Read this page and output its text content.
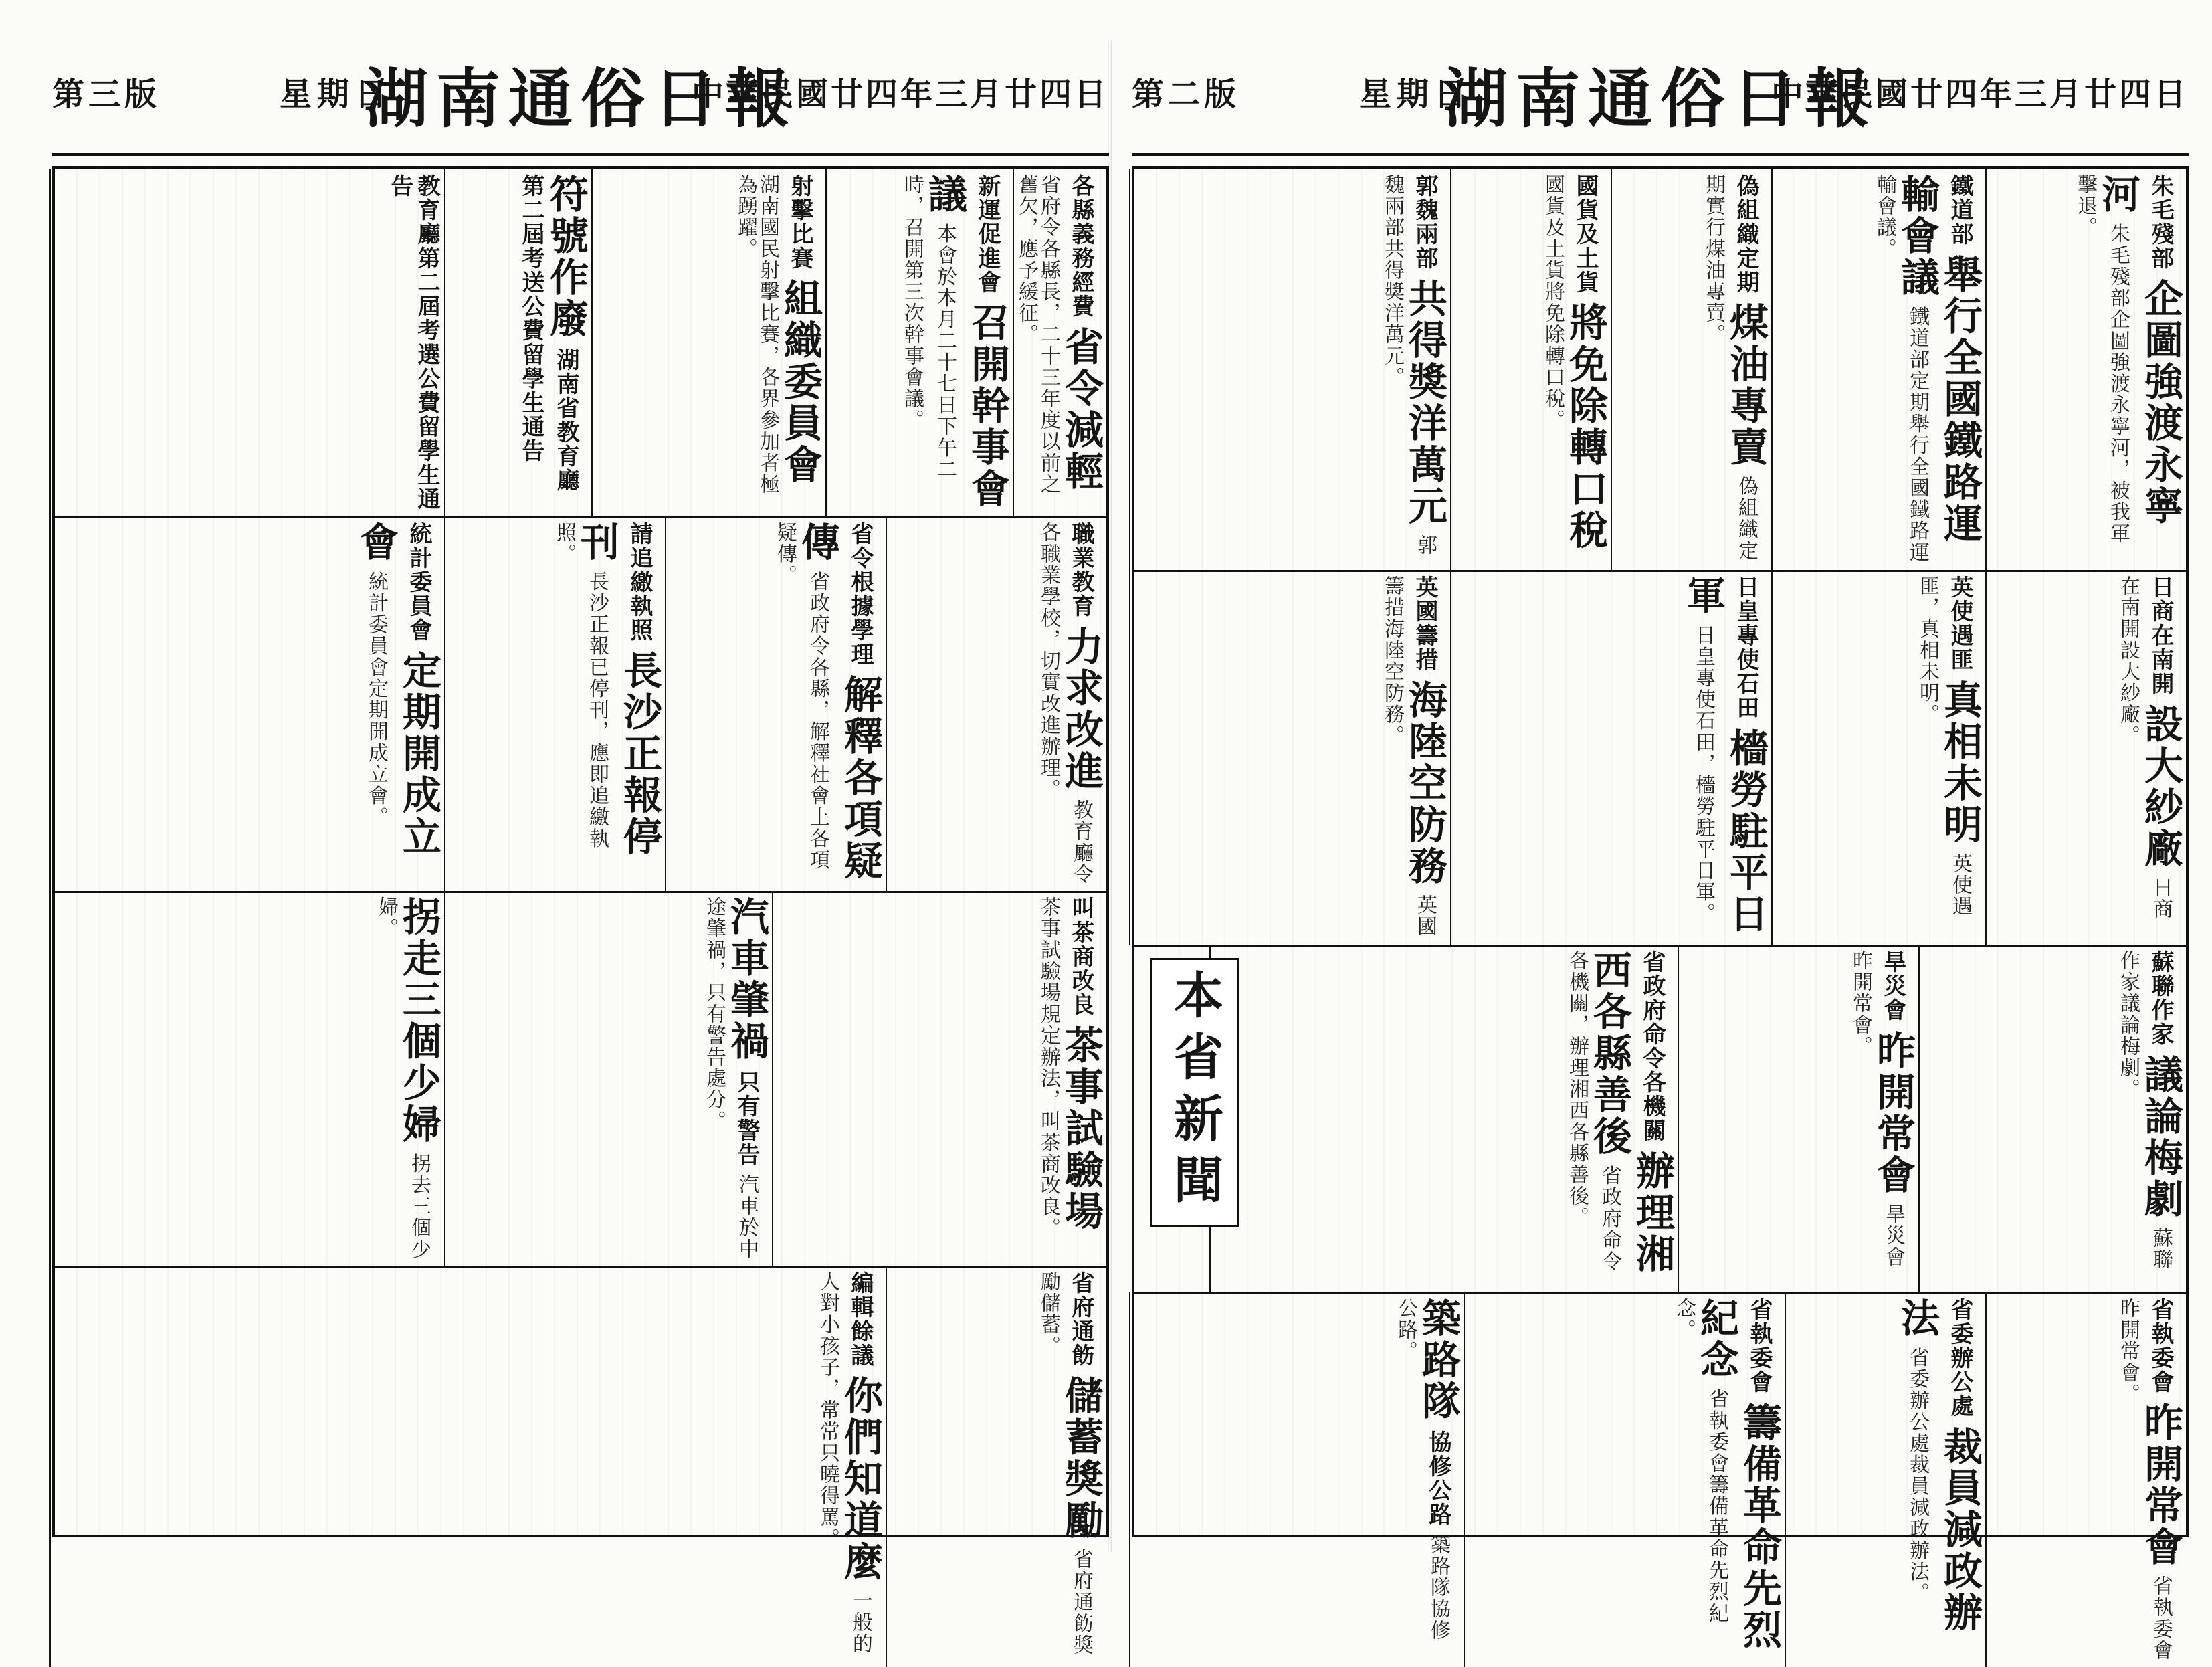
第三版	星期日
湖南通俗日報
中華民國廿四年三月廿四日
各縣義務經費 省令減輕 省府令各縣長，二十三年度以前之舊欠，應予緩征。
新運促進會 召開幹事會議 本會於本月二十七日下午二時，召開第三次幹事會議。
射擊比賽 組織委員會 湖南國民射擊比賽，各界參加者極為踴躍。
符號作廢 湖南省教育廳第二屆考送公費留學生通告
教育廳第二屆考選公費留學生通告
職業教育 力求改進 教育廳令各職業學校，切實改進辦理。
省令根據學理 解釋各項疑傳 省政府令各縣，解釋社會上各項疑傳。
請追繳執照 長沙正報停刊 長沙正報已停刊，應即追繳執照。
統計委員會 定期開成立會 統計委員會定期開成立會。
叫茶商改良 茶事試驗場 茶事試驗場規定辦法，叫茶商改良。
汽車肇禍 只有警告 汽車於中途肇禍，只有警告處分。
拐走三個少婦 拐去三個少婦。
省府通飭 儲蓄獎勵 省府通飭獎勵儲蓄。
編輯餘議 你們知道麼 一般的人對小孩子，常常只曉得罵。
第二版	星期日
湖南通俗日報
中華民國廿四年三月廿四日
朱毛殘部 企圖強渡永寧河 朱毛殘部企圖強渡永寧河，被我軍擊退。
鐵道部 舉行全國鐵路運輸會議 鐵道部定期舉行全國鐵路運輸會議。
偽組織定期 煤油專賣 偽組織定期實行煤油專賣。
國貨及土貨 將免除轉口稅 國貨及土貨將免除轉口稅。
郭魏兩部 共得獎洋萬元 郭魏兩部共得獎洋萬元。
日商在南開 設大紗廠 日商在南開設大紗廠。
英使遇匪 真相未明 英使遇匪，真相未明。
日皇專使石田 檣勞駐平日軍 日皇專使石田，檣勞駐平日軍。
英國籌措 海陸空防務 英國籌措海陸空防務。
蘇聯作家 議論梅劇 蘇聯作家議論梅劇。
旱災會 昨開常會 旱災會昨開常會。
省政府命令各機關 辦理湘西各縣善後 省政府命令各機關，辦理湘西各縣善後。
本省新聞
省執委會 昨開常會 省執委會昨開常會。
省委辦公處 裁員減政辦法 省委辦公處裁員減政辦法。
省執委會 籌備革命先烈紀念 省執委會籌備革命先烈紀念。
築路隊 協修公路 築路隊協修公路。
